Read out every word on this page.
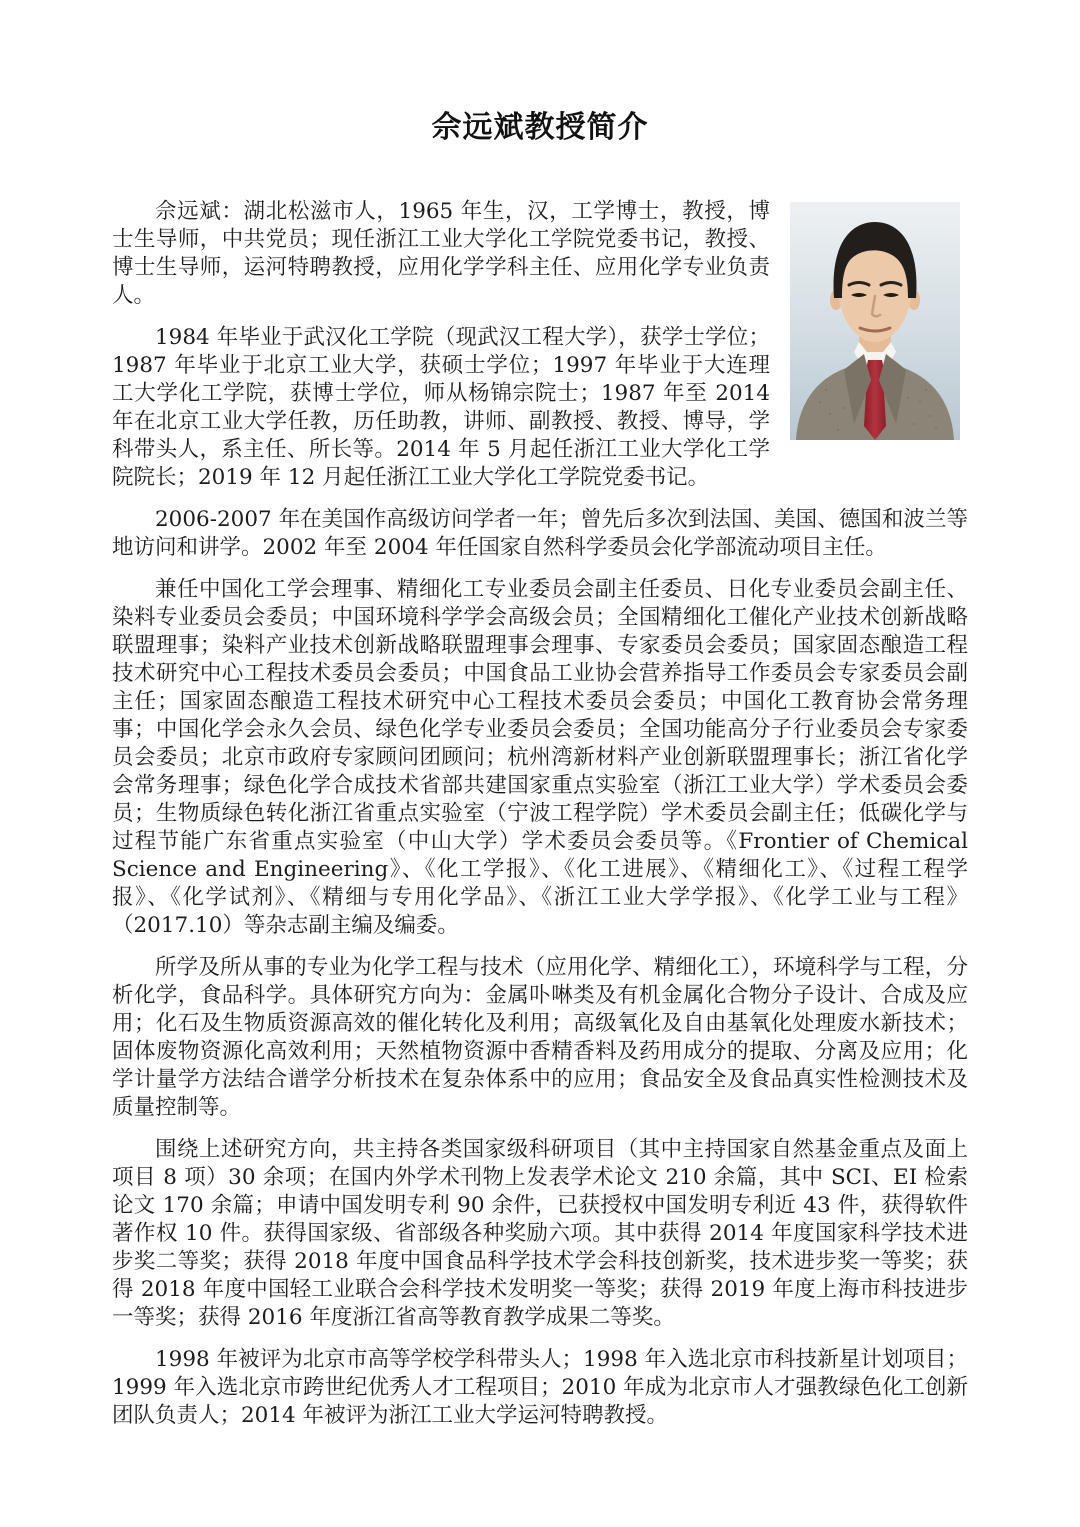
佘远斌教授简介

佘远斌：湖北松滋市人，1965 年生，汉，工学博士，教授，博士生导师，中共党员；现任浙江工业大学化工学院党委书记，教授、博士生导师，运河特聘教授，应用化学学科主任、应用化学专业负责人。

1984 年毕业于武汉化工学院（现武汉工程大学），获学士学位；1987 年毕业于北京工业大学，获硕士学位；1997 年毕业于大连理工大学化工学院，获博士学位，师从杨锦宗院士；1987 年至 2014 年在北京工业大学任教，历任助教，讲师、副教授、教授、博导，学科带头人，系主任、所长等。2014 年 5 月起任浙江工业大学化工学院院长；2019 年 12 月起任浙江工业大学化工学院党委书记。

2006-2007 年在美国作高级访问学者一年；曾先后多次到法国、美国、德国和波兰等地访问和讲学。2002 年至 2004 年任国家自然科学委员会化学部流动项目主任。

兼任中国化工学会理事、精细化工专业委员会副主任委员、日化专业委员会副主任、染料专业委员会委员；中国环境科学学会高级会员；全国精细化工催化产业技术创新战略联盟理事；染料产业技术创新战略联盟理事会理事、专家委员会委员；国家固态酿造工程技术研究中心工程技术委员会委员；中国食品工业协会营养指导工作委员会专家委员会副主任；国家固态酿造工程技术研究中心工程技术委员会委员；中国化工教育协会常务理事；中国化学会永久会员、绿色化学专业委员会委员；全国功能高分子行业委员会专家委员会委员；北京市政府专家顾问团顾问；杭州湾新材料产业创新联盟理事长；浙江省化学会常务理事；绿色化学合成技术省部共建国家重点实验室（浙江工业大学）学术委员会委员；生物质绿色转化浙江省重点实验室（宁波工程学院）学术委员会副主任；低碳化学与过程节能广东省重点实验室（中山大学）学术委员会委员等。《Frontier of Chemical Science and Engineering》、《化工学报》、《化工进展》、《精细化工》、《过程工程学报》、《化学试剂》、《精细与专用化学品》、《浙江工业大学学报》、《化学工业与工程》（2017.10）等杂志副主编及编委。

所学及所从事的专业为化学工程与技术（应用化学、精细化工），环境科学与工程，分析化学，食品科学。具体研究方向为：金属卟啉类及有机金属化合物分子设计、合成及应用；化石及生物质资源高效的催化转化及利用；高级氧化及自由基氧化处理废水新技术；固体废物资源化高效利用；天然植物资源中香精香料及药用成分的提取、分离及应用；化学计量学方法结合谱学分析技术在复杂体系中的应用；食品安全及食品真实性检测技术及质量控制等。

围绕上述研究方向，共主持各类国家级科研项目（其中主持国家自然基金重点及面上项目 8 项）30 余项；在国内外学术刊物上发表学术论文 210 余篇，其中 SCI、EI 检索论文 170 余篇；申请中国发明专利 90 余件，已获授权中国发明专利近 43 件，获得软件著作权 10 件。获得国家级、省部级各种奖励六项。其中获得 2014 年度国家科学技术进步奖二等奖；获得 2018 年度中国食品科学技术学会科技创新奖，技术进步奖一等奖；获得 2018 年度中国轻工业联合会科学技术发明奖一等奖；获得 2019 年度上海市科技进步一等奖；获得 2016 年度浙江省高等教育教学成果二等奖。

1998 年被评为北京市高等学校学科带头人；1998 年入选北京市科技新星计划项目；1999 年入选北京市跨世纪优秀人才工程项目；2010 年成为北京市人才强教绿色化工创新团队负责人；2014 年被评为浙江工业大学运河特聘教授。
